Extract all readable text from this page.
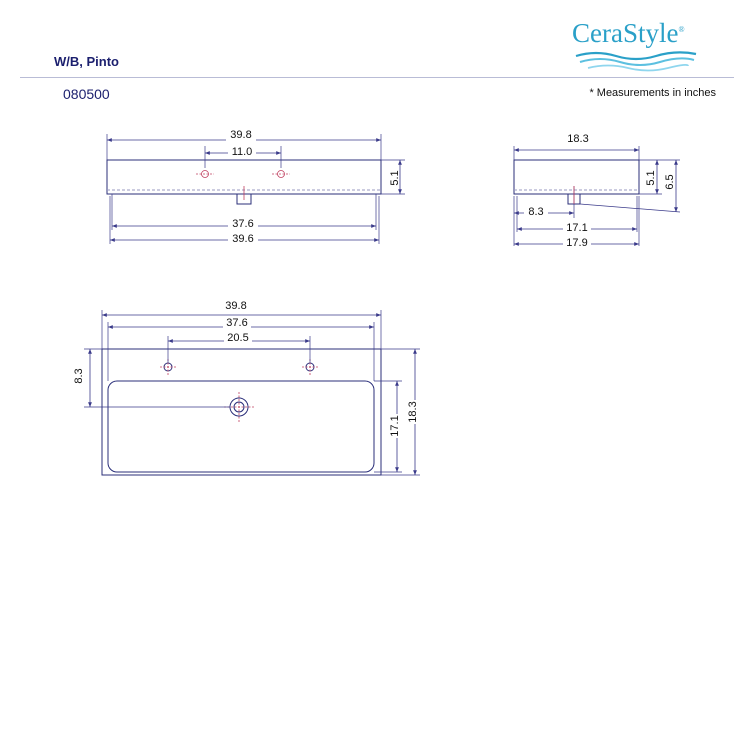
W/B, Pinto
080500	* Measurements in inches
CeraStyle®
39.8
11.0
5.1
37.6
39.6
18.3
5.1 6.5
8.3
17.1
17.9
39.8
37.6
20.5
8.3
17.1
18.3
